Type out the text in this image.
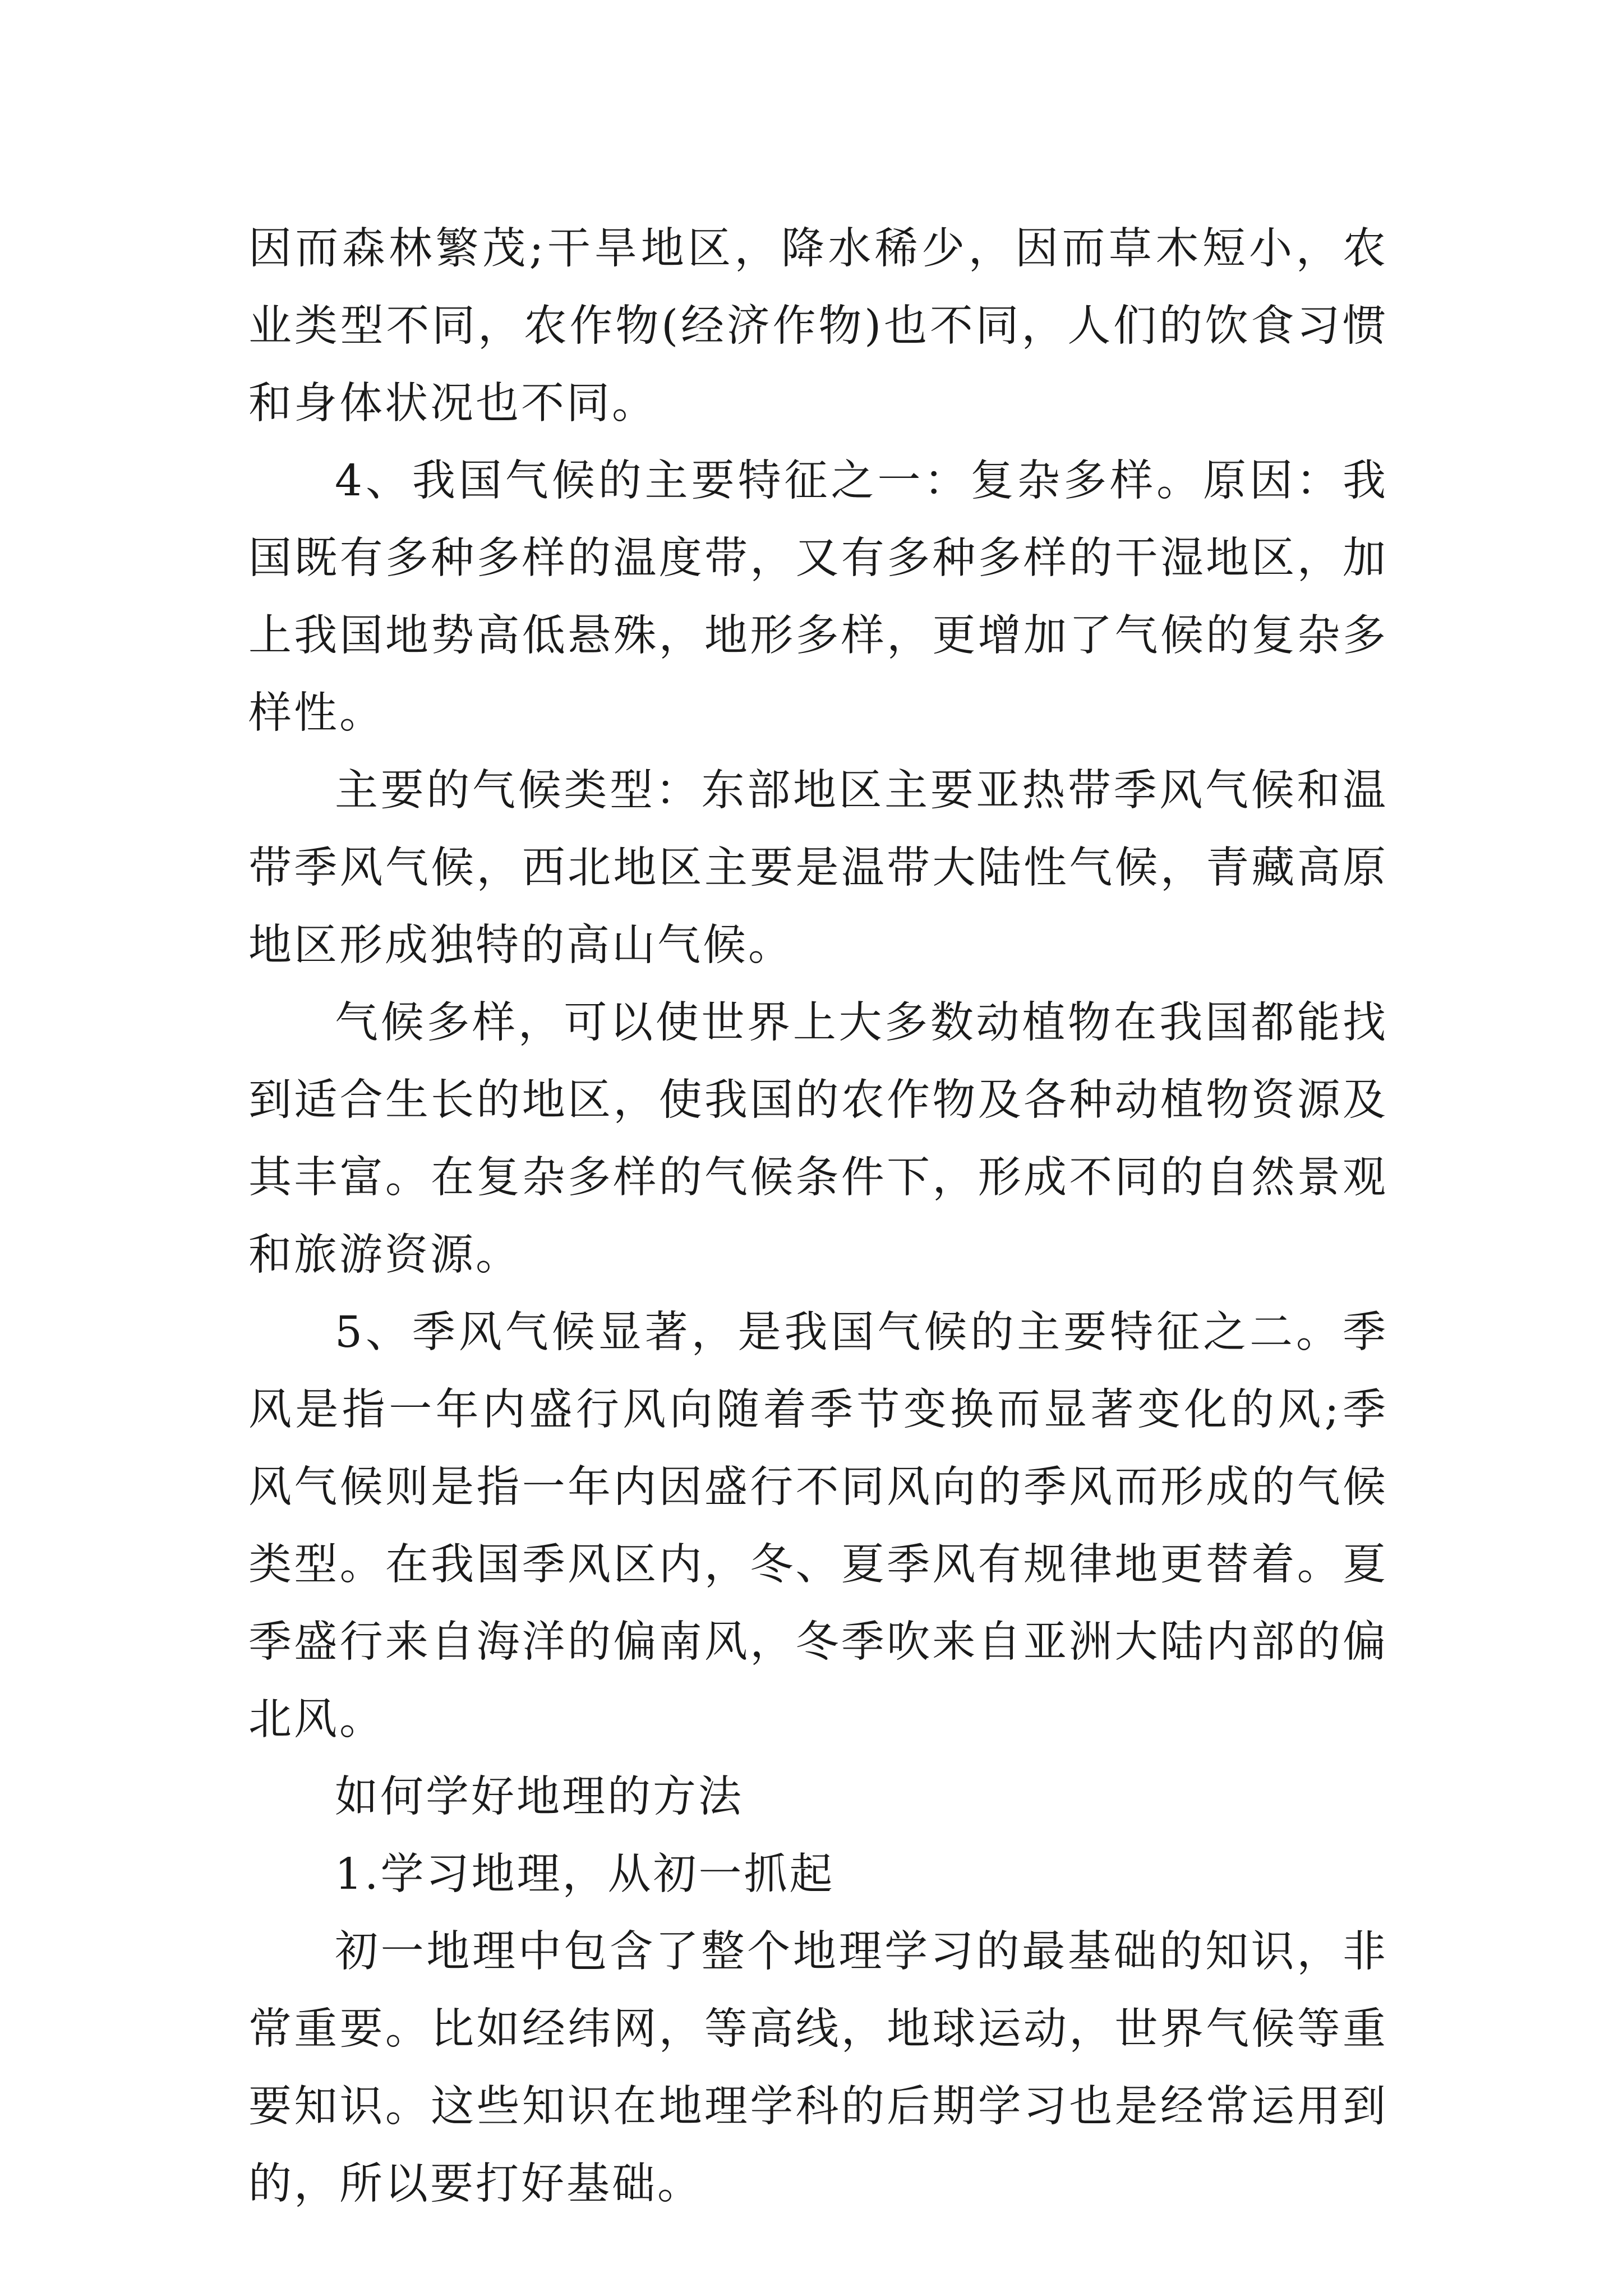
因而森林繁茂;干旱地区，降水稀少，因而草木短小，农业类型不同，农作物(经济作物)也不同，人们的饮食习惯和身体状况也不同。

4、我国气候的主要特征之一：复杂多样。原因：我国既有多种多样的温度带，又有多种多样的干湿地区，加上我国地势高低悬殊，地形多样，更增加了气候的复杂多样性。

主要的气候类型：东部地区主要亚热带季风气候和温带季风气候，西北地区主要是温带大陆性气候，青藏高原地区形成独特的高山气候。

气候多样，可以使世界上大多数动植物在我国都能找到适合生长的地区，使我国的农作物及各种动植物资源及其丰富。在复杂多样的气候条件下，形成不同的自然景观和旅游资源。

5、季风气候显著，是我国气候的主要特征之二。季风是指一年内盛行风向随着季节变换而显著变化的风;季风气候则是指一年内因盛行不同风向的季风而形成的气候类型。在我国季风区内，冬、夏季风有规律地更替着。夏季盛行来自海洋的偏南风，冬季吹来自亚洲大陆内部的偏北风。

如何学好地理的方法

1.学习地理，从初一抓起

初一地理中包含了整个地理学习的最基础的知识，非常重要。比如经纬网，等高线，地球运动，世界气候等重要知识。这些知识在地理学科的后期学习也是经常运用到的，所以要打好基础。
